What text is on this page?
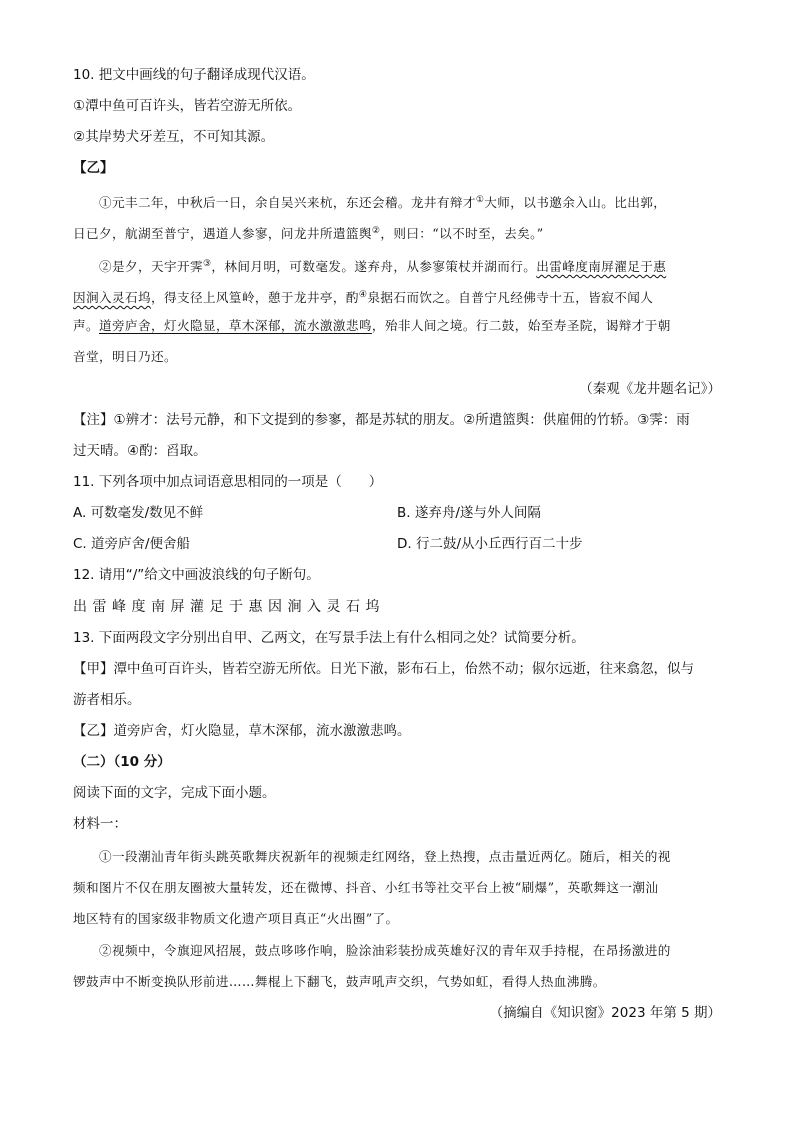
10. 把文中画线的句子翻译成现代汉语。
①潭中鱼可百许头，皆若空游无所依。
②其岸势犬牙差互，不可知其源。
【乙】
①元丰二年，中秋后一日，余自吴兴来杭，东还会稽。龙井有辩才①大师，以书邀余入山。比出郭，
日已夕，航湖至普宁，遇道人参寥，问龙井所遣篮舆②，则曰：“以不时至，去矣。”
②是夕，天宇开霁③，林间月明，可数毫发。遂弃舟，从参寥策杖并湖而行。出雷峰度南屏濯足于惠
因涧入灵石坞，得支径上风篁岭，憩于龙井亭，酌④泉据石而饮之。自普宁凡经佛寺十五，皆寂不闻人
声。道旁庐舍，灯火隐显，草木深郁，流水激激悲鸣，殆非人间之境。行二鼓，始至寿圣院，谒辩才于朝
音堂，明日乃还。
（秦观《龙井题名记》）
【注】①辨才：法号元静，和下文提到的参寥，都是苏轼的朋友。②所遣篮舆：供雇佣的竹轿。③霁：雨
过天晴。④酌：舀取。
11. 下列各项中加点词语意思相同的一项是（　　）
A. 可数毫发/数见不鲜	B. 遂弃舟/遂与外人间隔
C. 道旁庐舍/便舍船	D. 行二鼓/从小丘西行百二十步
12. 请用“/”给文中画波浪线的句子断句。
出雷峰度南屏灌足于惠因涧入灵石坞
13. 下面两段文字分别出自甲、乙两文，在写景手法上有什么相同之处？试简要分析。
【甲】潭中鱼可百许头，皆若空游无所依。日光下澈，影布石上，佁然不动；俶尔远逝，往来翕忽，似与
游者相乐。
【乙】道旁庐舍，灯火隐显，草木深郁，流水激激悲鸣。
（二）（10 分）
阅读下面的文字，完成下面小题。
材料一：
①一段潮汕青年街头跳英歌舞庆祝新年的视频走红网络，登上热搜，点击量近两亿。随后，相关的视
频和图片不仅在朋友圈被大量转发，还在微博、抖音、小红书等社交平台上被“刷爆”，英歌舞这一潮汕
地区特有的国家级非物质文化遗产项目真正“火出圈”了。
②视频中，令旗迎风招展，鼓点哆哆作响，脸涂油彩装扮成英雄好汉的青年双手持棍，在昂扬激进的
锣鼓声中不断变换队形前进……舞棍上下翻飞，鼓声吼声交织，气势如虹，看得人热血沸腾。
（摘编自《知识窗》2023 年第 5 期）
